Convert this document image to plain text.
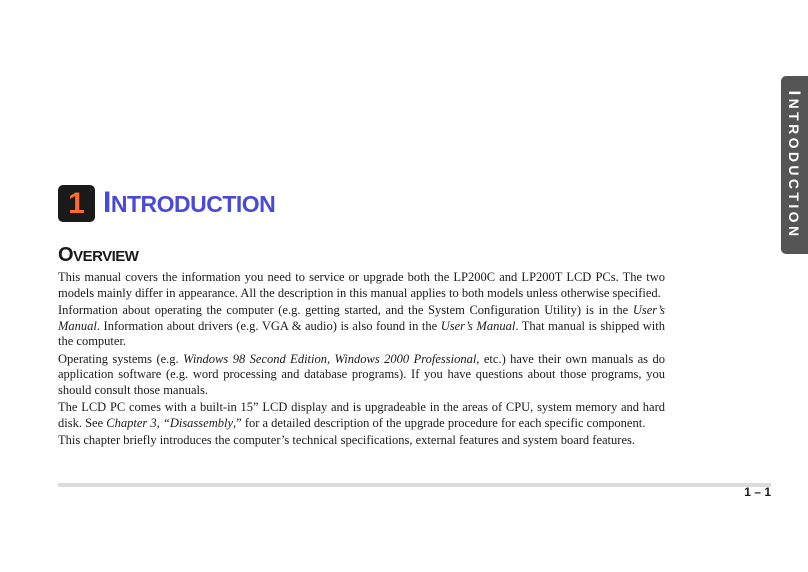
INTRODUCTION
1 INTRODUCTION
OVERVIEW

This manual covers the information you need to service or upgrade both the LP200C and LP200T LCD PCs. The two models mainly differ in appearance. All the description in this manual applies to both models unless otherwise specified.

Information about operating the computer (e.g. getting started, and the System Configuration Utility) is in the User’s Manual. Information about drivers (e.g. VGA & audio) is also found in the User’s Manual. That manual is shipped with the computer.

Operating systems (e.g. Windows 98 Second Edition, Windows 2000 Professional, etc.) have their own manuals as do application software (e.g. word processing and database programs). If you have questions about those programs, you should consult those manuals.

The LCD PC comes with a built-in 15” LCD display and is upgradeable in the areas of CPU, system memory and hard disk. See Chapter 3, “Disassembly,” for a detailed description of the upgrade procedure for each specific component.

This chapter briefly introduces the computer’s technical specifications, external features and system board features.

1 – 1
